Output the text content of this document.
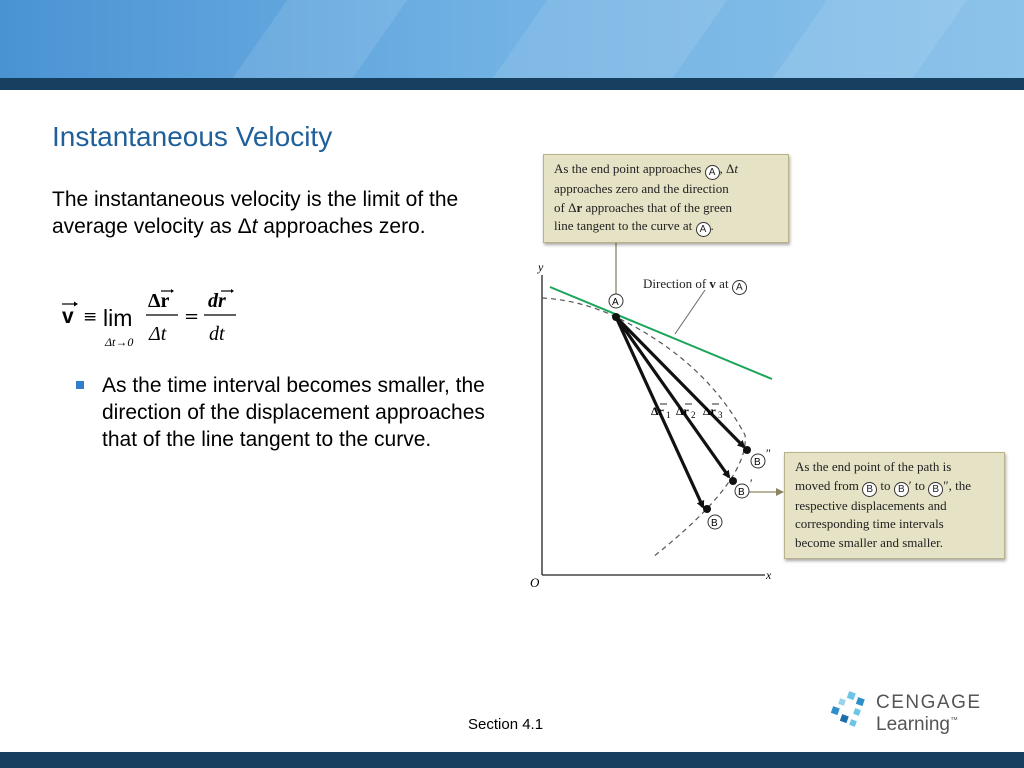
Instantaneous Velocity
The instantaneous velocity is the limit of the average velocity as Δt approaches zero.
v ≡ lim
Δt→0
Δr
Δt
=
dr
dt
As the time interval becomes smaller, the direction of the displacement approaches that of the line tangent to the curve.
y
x
O
A
B
B
′
B
″
Δr 1 Δr 2 Δr 3
Direction of v at A
As the end point approaches A , Δt
approaches zero and the direction
of Δr approaches that of the green
line tangent to the curve at A .
As the end point of the path is
moved from B to B ′ to B ″, the
respective displacements and
corresponding time intervals
become smaller and smaller.
Section 4.1
CENGAGE
Learning™
